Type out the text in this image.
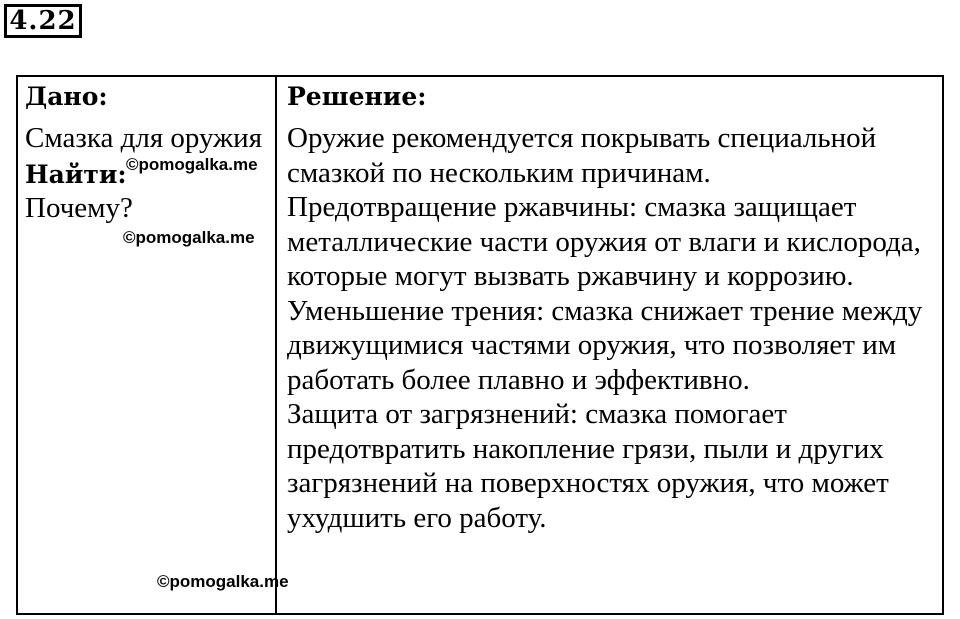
4.22

Дано:

Смазка для оружия

Найти:

Почему?

Решение:

Оружие рекомендуется покрывать специальной смазкой по нескольким причинам.

Предотвращение ржавчины: смазка защищает металлические части оружия от влаги и кислорода, которые могут вызвать ржавчину и коррозию.

Уменьшение трения: смазка снижает трение между движущимися частями оружия, что позволяет им работать более плавно и эффективно.

Защита от загрязнений: смазка помогает предотвратить накопление грязи, пыли и других загрязнений на поверхностях оружия, что может ухудшить его работу.

©pomogalka.me
©pomogalka.me
©pomogalka.me
